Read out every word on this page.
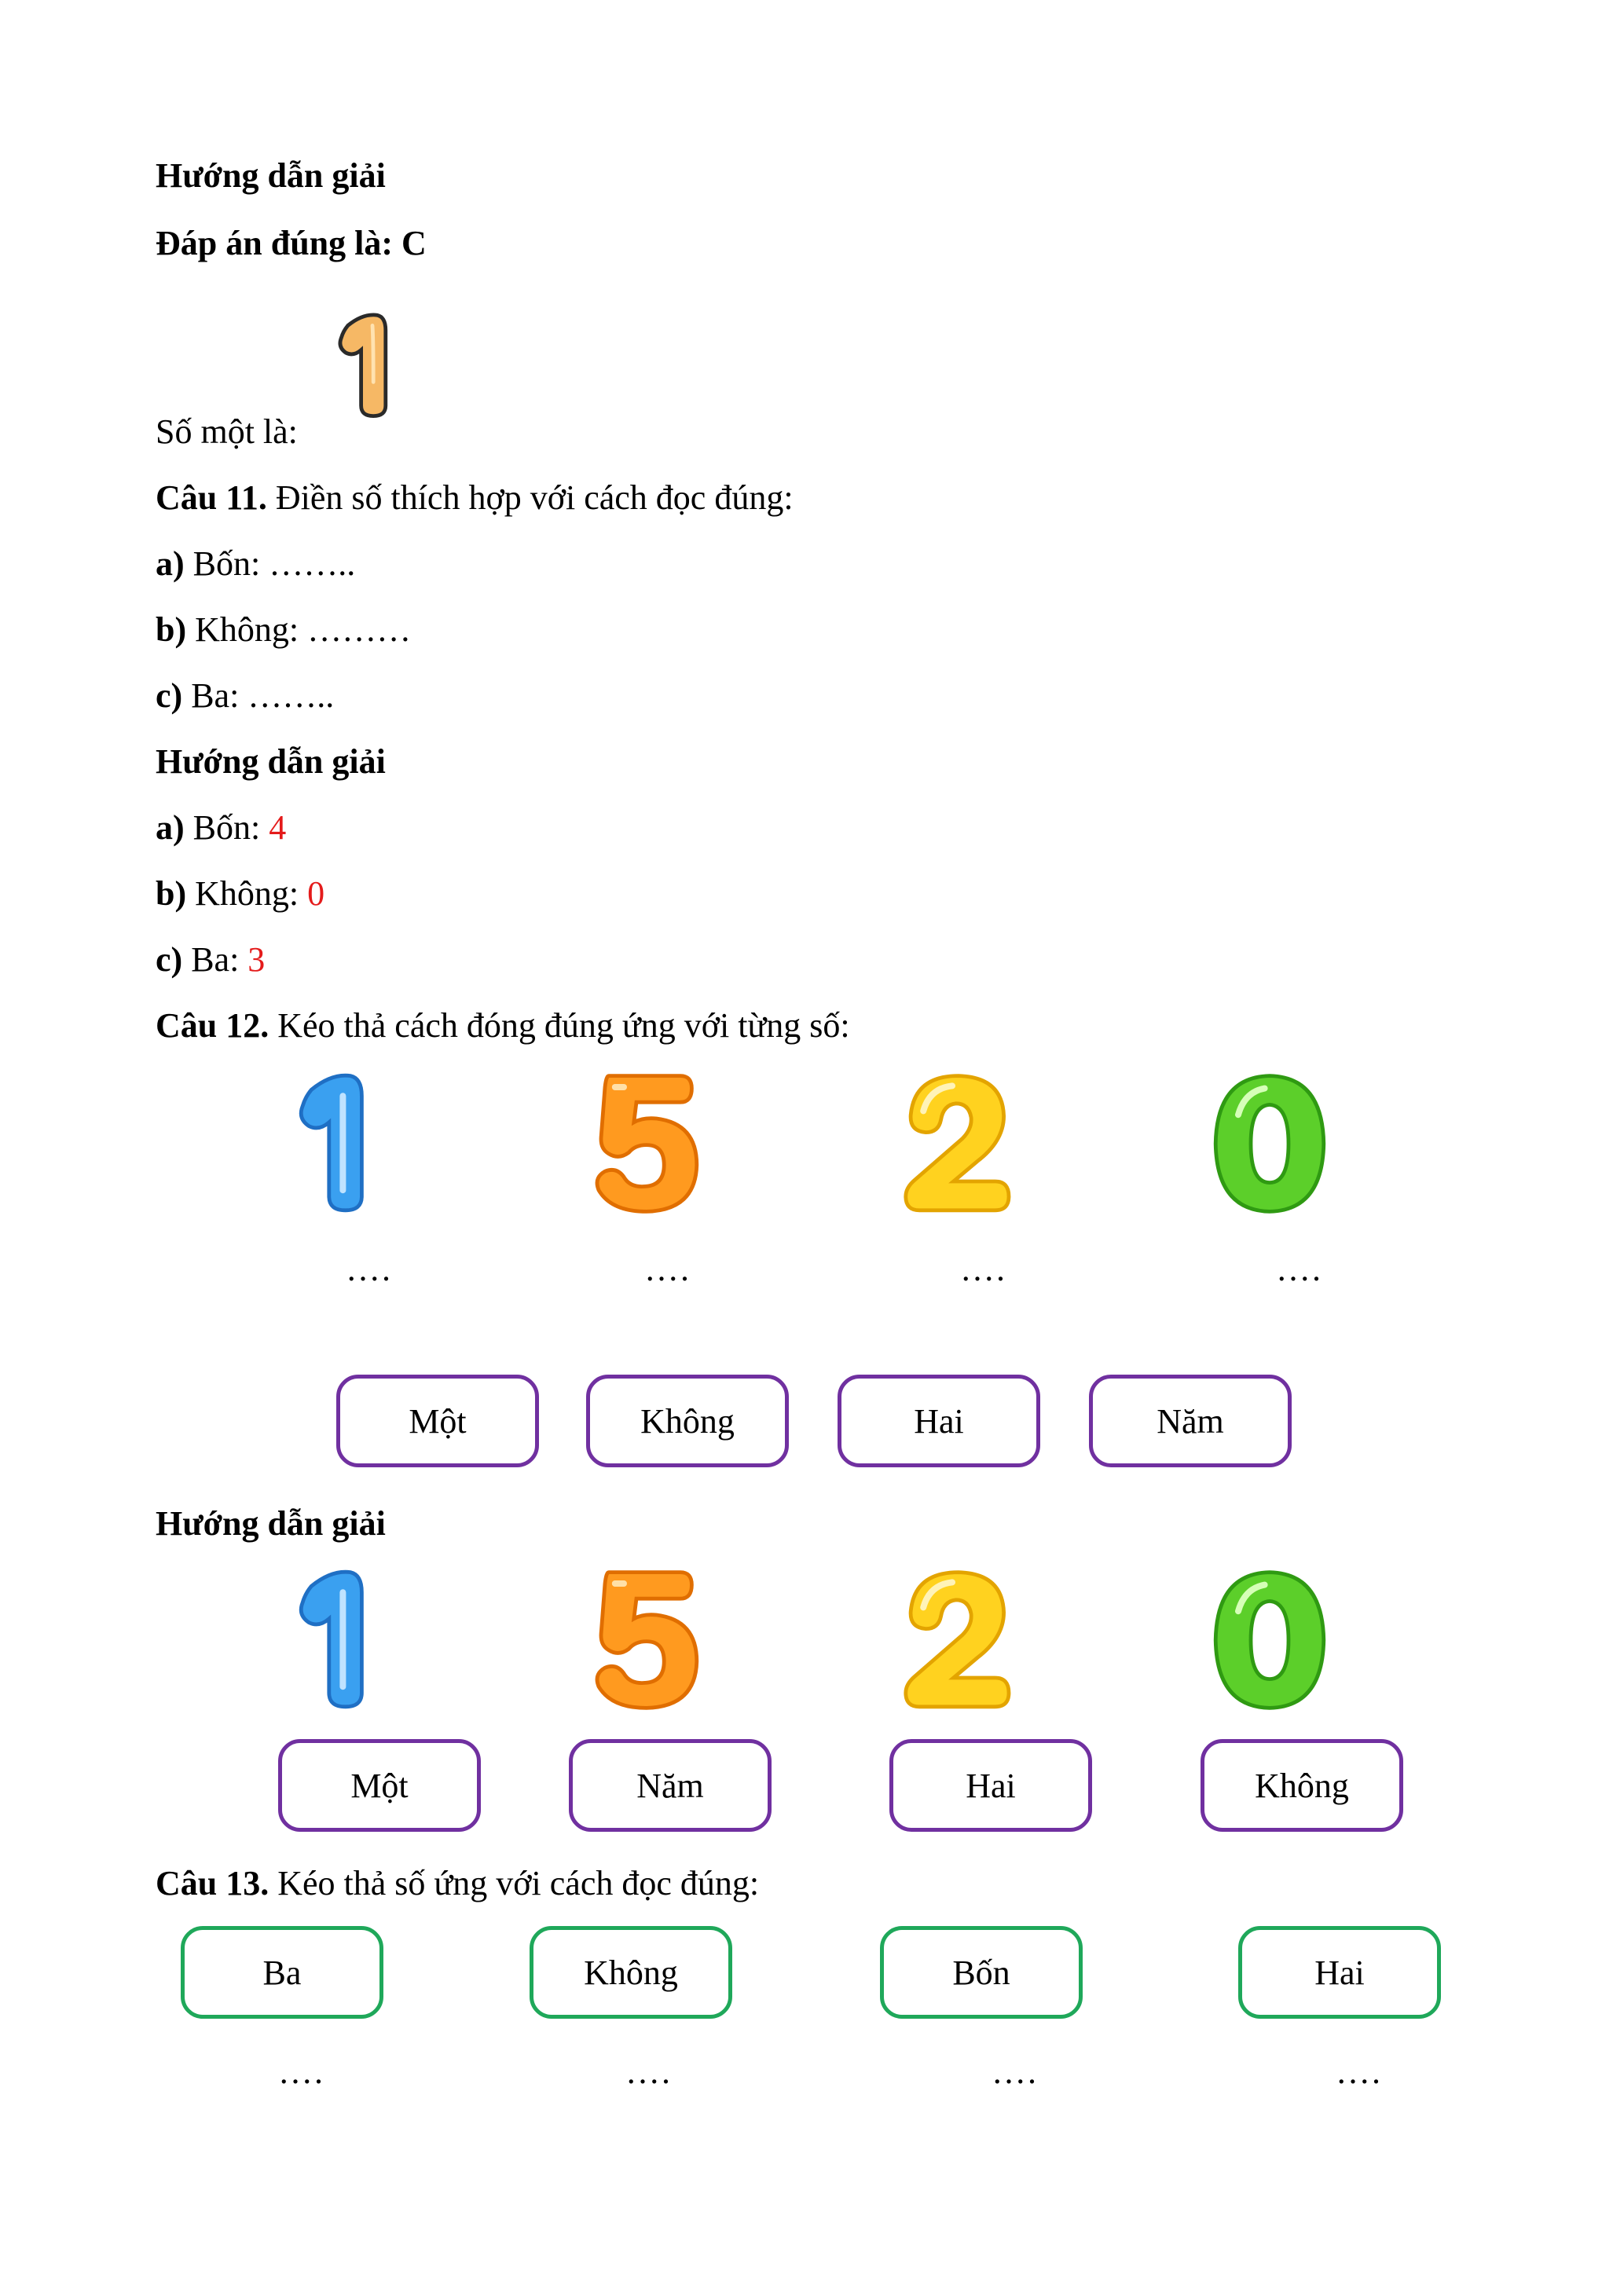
Hướng dẫn giải
Đáp án đúng là: C
Số một là:
Câu 11. Điền số thích hợp với cách đọc đúng:
a) Bốn: ……..
b) Không: ………
c) Ba: ……..
Hướng dẫn giải
a) Bốn: 4
b) Không: 0
c) Ba: 3
Câu 12. Kéo thả cách đóng đúng ứng với từng số:
….	….	….	….
Một	Không	Hai	Năm
Hướng dẫn giải
Một	Năm	Hai	Không
Câu 13. Kéo thả số ứng với cách đọc đúng:
Ba	Không	Bốn	Hai
….	….	….	….
